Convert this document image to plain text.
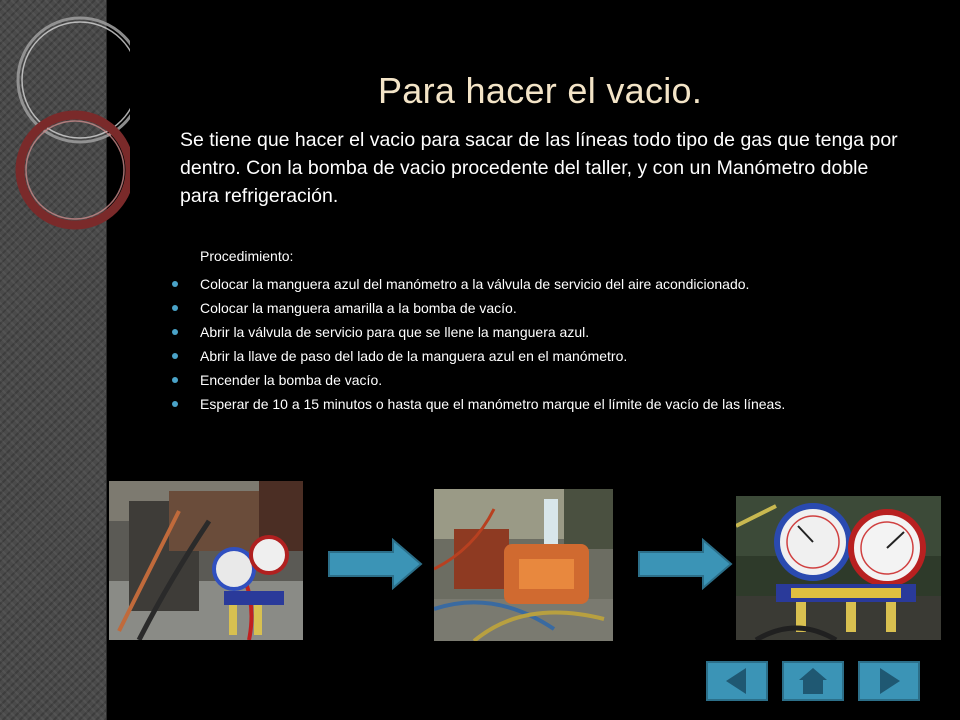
Para hacer el vacio.
Se tiene que hacer el vacio para sacar de las líneas todo tipo de gas que tenga por dentro. Con la bomba de vacio procedente del taller, y con un Manómetro doble para refrigeración.
Procedimiento:
Colocar la manguera azul del manómetro a la válvula de servicio del aire acondicionado.
Colocar la manguera amarilla a la bomba de vacío.
Abrir la válvula de servicio para que se llene la manguera azul.
Abrir la llave de paso del lado de la manguera azul en el manómetro.
Encender la bomba de vacío.
Esperar de 10 a 15 minutos o hasta que el manómetro marque el límite de vacío de las líneas.
